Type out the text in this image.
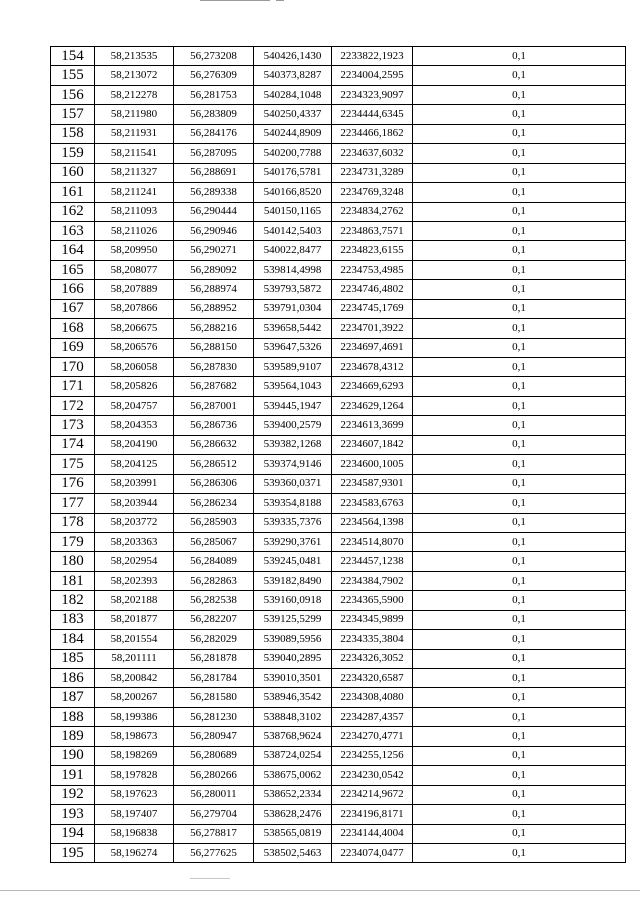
154	58,213535	56,273208	540426,1430	2233822,1923	0,1
155	58,213072	56,276309	540373,8287	2234004,2595	0,1
156	58,212278	56,281753	540284,1048	2234323,9097	0,1
157	58,211980	56,283809	540250,4337	2234444,6345	0,1
158	58,211931	56,284176	540244,8909	2234466,1862	0,1
159	58,211541	56,287095	540200,7788	2234637,6032	0,1
160	58,211327	56,288691	540176,5781	2234731,3289	0,1
161	58,211241	56,289338	540166,8520	2234769,3248	0,1
162	58,211093	56,290444	540150,1165	2234834,2762	0,1
163	58,211026	56,290946	540142,5403	2234863,7571	0,1
164	58,209950	56,290271	540022,8477	2234823,6155	0,1
165	58,208077	56,289092	539814,4998	2234753,4985	0,1
166	58,207889	56,288974	539793,5872	2234746,4802	0,1
167	58,207866	56,288952	539791,0304	2234745,1769	0,1
168	58,206675	56,288216	539658,5442	2234701,3922	0,1
169	58,206576	56,288150	539647,5326	2234697,4691	0,1
170	58,206058	56,287830	539589,9107	2234678,4312	0,1
171	58,205826	56,287682	539564,1043	2234669,6293	0,1
172	58,204757	56,287001	539445,1947	2234629,1264	0,1
173	58,204353	56,286736	539400,2579	2234613,3699	0,1
174	58,204190	56,286632	539382,1268	2234607,1842	0,1
175	58,204125	56,286512	539374,9146	2234600,1005	0,1
176	58,203991	56,286306	539360,0371	2234587,9301	0,1
177	58,203944	56,286234	539354,8188	2234583,6763	0,1
178	58,203772	56,285903	539335,7376	2234564,1398	0,1
179	58,203363	56,285067	539290,3761	2234514,8070	0,1
180	58,202954	56,284089	539245,0481	2234457,1238	0,1
181	58,202393	56,282863	539182,8490	2234384,7902	0,1
182	58,202188	56,282538	539160,0918	2234365,5900	0,1
183	58,201877	56,282207	539125,5299	2234345,9899	0,1
184	58,201554	56,282029	539089,5956	2234335,3804	0,1
185	58,201111	56,281878	539040,2895	2234326,3052	0,1
186	58,200842	56,281784	539010,3501	2234320,6587	0,1
187	58,200267	56,281580	538946,3542	2234308,4080	0,1
188	58,199386	56,281230	538848,3102	2234287,4357	0,1
189	58,198673	56,280947	538768,9624	2234270,4771	0,1
190	58,198269	56,280689	538724,0254	2234255,1256	0,1
191	58,197828	56,280266	538675,0062	2234230,0542	0,1
192	58,197623	56,280011	538652,2334	2234214,9672	0,1
193	58,197407	56,279704	538628,2476	2234196,8171	0,1
194	58,196838	56,278817	538565,0819	2234144,4004	0,1
195	58,196274	56,277625	538502,5463	2234074,0477	0,1
